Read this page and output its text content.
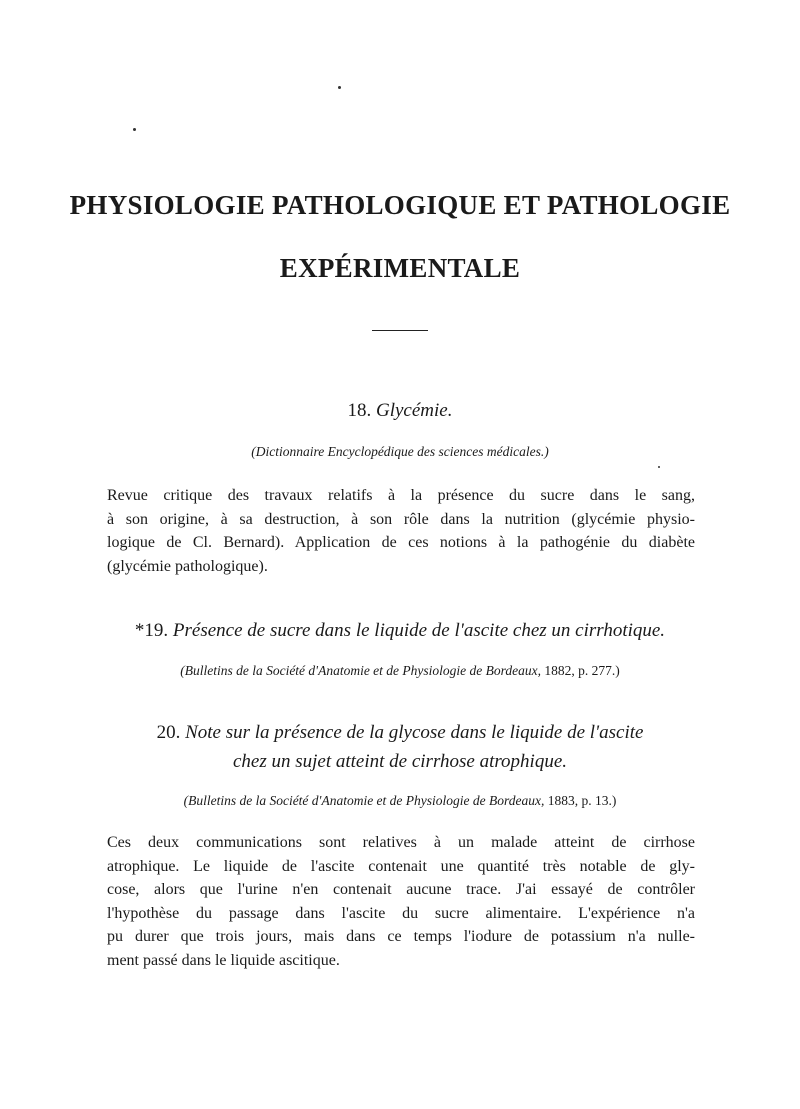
PHYSIOLOGIE PATHOLOGIQUE ET PATHOLOGIE
EXPÉRIMENTALE
18. Glycémie.
(Dictionnaire Encyclopédique des sciences médicales.)
Revue critique des travaux relatifs à la présence du sucre dans le sang,
à son origine, à sa destruction, à son rôle dans la nutrition (glycémie physio-
logique de Cl. Bernard). Application de ces notions à la pathogénie du diabète
(glycémie pathologique).
*19. Présence de sucre dans le liquide de l'ascite chez un cirrhotique.
(Bulletins de la Société d'Anatomie et de Physiologie de Bordeaux, 1882, p. 277.)
20. Note sur la présence de la glycose dans le liquide de l'ascite
chez un sujet atteint de cirrhose atrophique.
(Bulletins de la Société d'Anatomie et de Physiologie de Bordeaux, 1883, p. 13.)
Ces deux communications sont relatives à un malade atteint de cirrhose
atrophique. Le liquide de l'ascite contenait une quantité très notable de gly-
cose, alors que l'urine n'en contenait aucune trace. J'ai essayé de contrôler
l'hypothèse du passage dans l'ascite du sucre alimentaire. L'expérience n'a
pu durer que trois jours, mais dans ce temps l'iodure de potassium n'a nulle-
ment passé dans le liquide ascitique.
